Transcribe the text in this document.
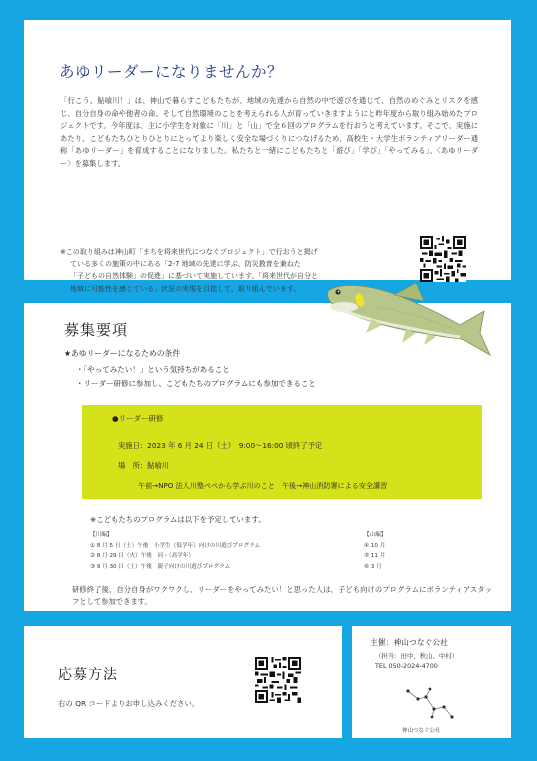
あゆリーダーになりませんか？
「行こう、鮎喰川！」は、神山で暮らすこどもたちが、地域の先達から自然の中で遊びを通じて、自然のめぐみとリスクを感じ、自分自身の命や他者の命、そして自然環境のことを考えられる人が育っていきますようにと昨年度から取り組み始めたプロジェクトです。今年度は、主に小学生を対象に「川」と「山」で全６回のプログラムを行おうと考えています。そこで、実施にあたり、こどもたちひとりひとりにとってより楽しく安全な場づくりにつなげるため、高校生・大学生ボランティアリーダー通称「あゆリーダー」を育成することになりました。私たちと一緒にこどもたちと「遊び」「学び」「やってみる」、〈あゆリーダー〉を募集します。
※この取り組みは神山町「まちを将来世代につなぐプロジェクト」で行おうと掲げ
ている多くの施策の中にある「2-7 地域の先達に学ぶ、防災教育を兼ねた
「子どもの自然体験」の促進」に基づいて実施しています。「将来世代が自分と
地域に可能性を感じている」状況の実現を目指して、取り組んでいます。
募集要項
★あゆリーダーになるための条件
・「やってみたい！」という気持ちがあること
・リーダー研修に参加し、こどもたちのプログラムにも参加できること
●リーダー研修
実施日：2023 年 6 月 24 日（土）　9:00～16:00 頃終了予定
場　所：鮎喰川
午前→NPO 法人川塾ぺぺから学ぶ川のこと　午後→神山消防署による安全講習
※こどもたちのプログラムは以下を予定しています。
【川編】
① 8 月 5 日（土）午後　小学生（低学年）向けの川遊びプログラム
② 8 月 29 日（火）午後　同・（高学年）
③ 9 月 30 日（土）午後　親子向けの川遊びプログラム
【山編】
④ 10 月
⑤ 11 月
⑥ 3 月
研修終了後、自分自身がワクワクし、リーダーをやってみたい！と思った人は、子ども向けのプログラムにボランティアスタッフとして参加できます。
応募方法
右の QR コードよりお申し込みください。
主催：神山つなぐ公社
（担当：田中、秋山、中村）
TEL 050-2024-4700
神山つなぐ公社
